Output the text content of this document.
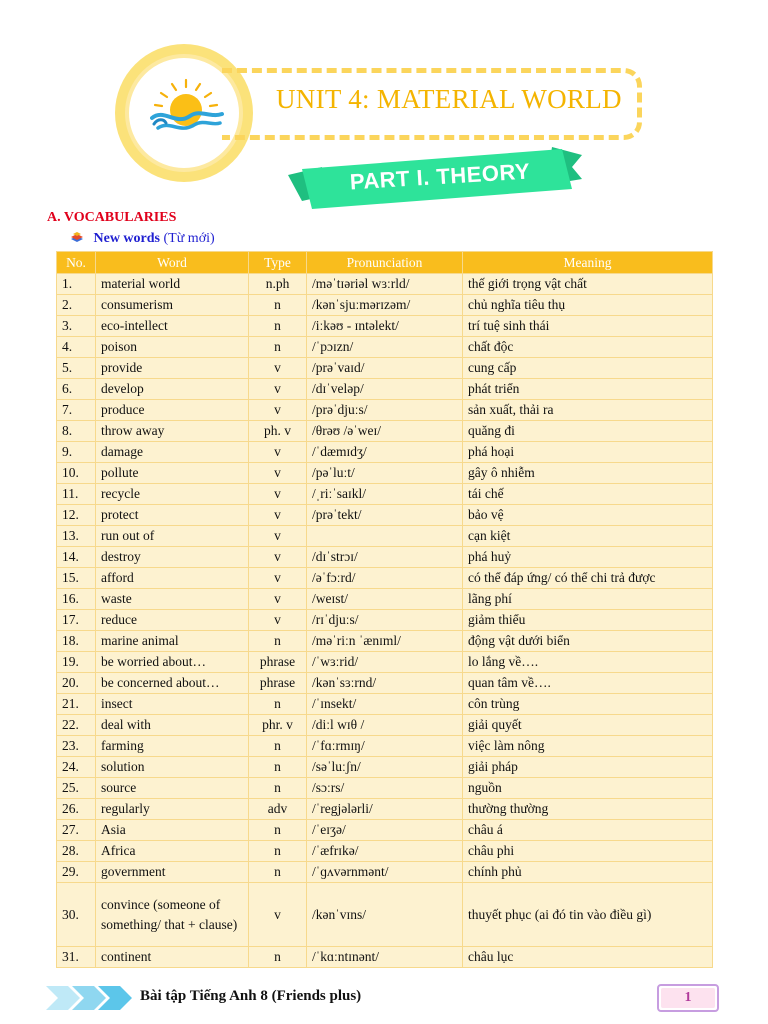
UNIT 4: MATERIAL WORLD
PART I. THEORY
A. VOCABULARIES
New words (Từ mới)
No.	Word	Type	Pronunciation	Meaning
1.	material world	n.ph	/məˈtɪəriəl wɜːrld/	thế giới trọng vật chất
2.	consumerism	n	/kənˈsjuːmərɪzəm/	chủ nghĩa tiêu thụ
3.	eco-intellect	n	/iːkəʊ - ɪntəlekt/	trí tuệ sinh thái
4.	poison	n	/ˈpɔɪzn/	chất độc
5.	provide	v	/prəˈvaɪd/	cung cấp
6.	develop	v	/dɪˈveləp/	phát triển
7.	produce	v	/prəˈdjuːs/	sản xuất, thải ra
8.	throw away	ph. v	/θrəʊ /əˈweɪ/	quăng đi
9.	damage	v	/ˈdæmɪdʒ/	phá hoại
10.	pollute	v	/pəˈluːt/	gây ô nhiễm
11.	recycle	v	/ˌriːˈsaɪkl/	tái chế
12.	protect	v	/prəˈtekt/	bảo vệ
13.	run out of	v		cạn kiệt
14.	destroy	v	/dɪˈstrɔɪ/	phá huỷ
15.	afford	v	/əˈfɔːrd/	có thể đáp ứng/ có thể chi trả được
16.	waste	v	/weɪst/	lãng phí
17.	reduce	v	/rɪˈdjuːs/	giảm thiểu
18.	marine animal	n	/məˈriːn ˈænɪml/	động vật dưới biển
19.	be worried about…	phrase	/ˈwɜːrid/	lo lắng về….
20.	be concerned about…	phrase	/kənˈsɜːrnd/	quan tâm về….
21.	insect	n	/ˈɪnsekt/	côn trùng
22.	deal with	phr. v	/diːl wɪθ /	giải quyết
23.	farming	n	/ˈfɑːrmɪŋ/	việc làm nông
24.	solution	n	/səˈluːʃn/	giải pháp
25.	source	n	/sɔːrs/	nguồn
26.	regularly	adv	/ˈregjələrli/	thường thường
27.	Asia	n	/ˈeɪʒə/	châu á
28.	Africa	n	/ˈæfrɪkə/	châu phi
29.	government	n	/ˈɡʌvərnmənt/	chính phủ
30.	convince (someone of something/ that + clause)	v	/kənˈvɪns/	thuyết phục (ai đó tin vào điều gì)
31.	continent	n	/ˈkɑːntɪnənt/	châu lục
Bài tập Tiếng Anh 8 (Friends plus)	1
